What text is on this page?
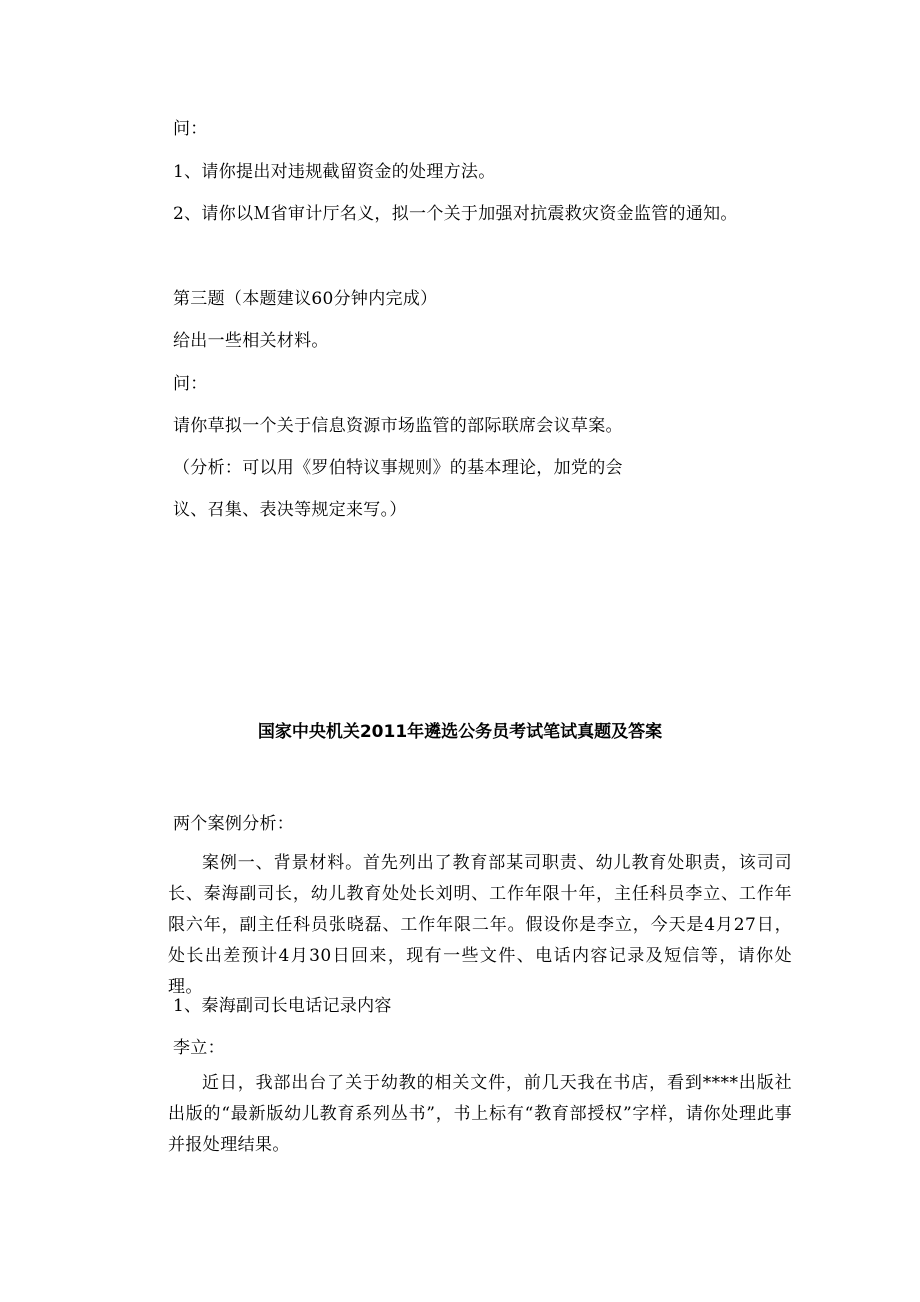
问：
1、请你提出对违规截留资金的处理方法。
2、请你以Ｍ省审计厅名义，拟一个关于加强对抗震救灾资金监管的通知。
第三题（本题建议60分钟内完成）
给出一些相关材料。
问：
请你草拟一个关于信息资源市场监管的部际联席会议草案。
（分析：可以用《罗伯特议事规则》的基本理论，加党的会
议、召集、表决等规定来写。）
国家中央机关2011年遴选公务员考试笔试真题及答案
两个案例分析：
案例一、背景材料。首先列出了教育部某司职责、幼儿教育处职责，该司司长、秦海副司长，幼儿教育处处长刘明、工作年限十年，主任科员李立、工作年限六年，副主任科员张晓磊、工作年限二年。假设你是李立，今天是4月27日，处长出差预计4月30日回来，现有一些文件、电话内容记录及短信等，请你处理。
1、秦海副司长电话记录内容
李立：
近日，我部出台了关于幼教的相关文件，前几天我在书店，看到****出版社出版的“最新版幼儿教育系列丛书”，书上标有“教育部授权”字样，请你处理此事并报处理结果。
